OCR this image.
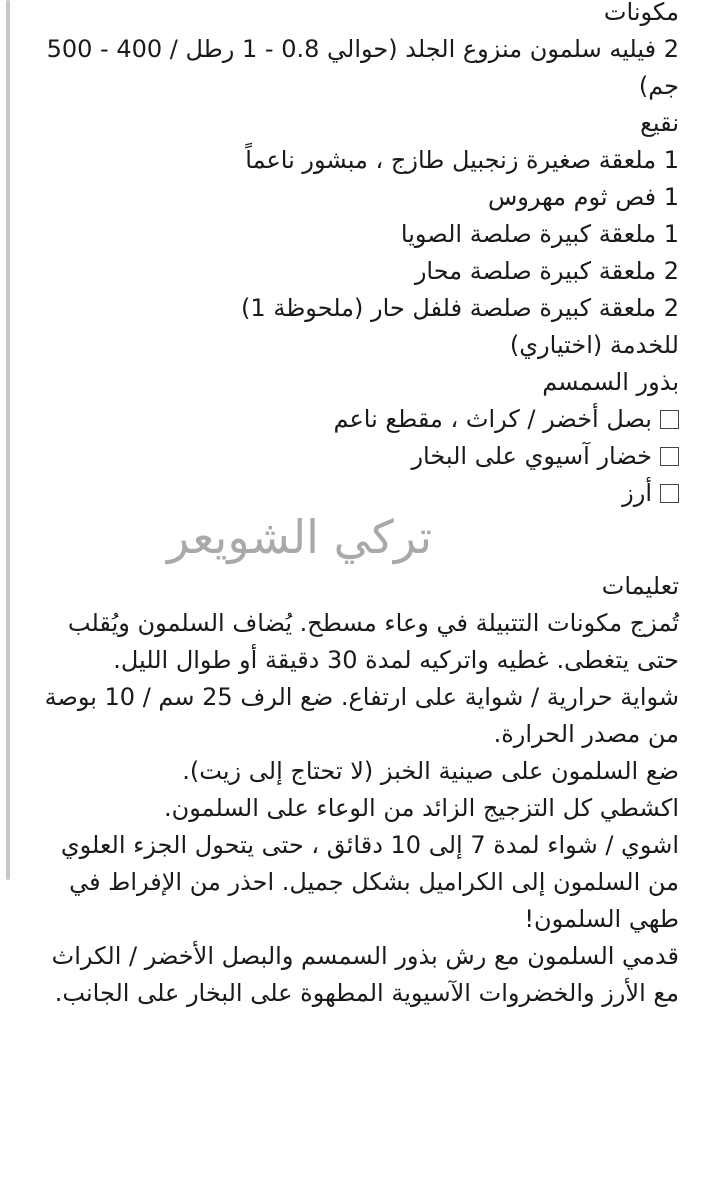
مكونات
2 فيليه سلمون منزوع الجلد (حوالي 0.8 - 1 رطل / 400 - 500 جم)
نقيع
1 ملعقة صغيرة زنجبيل طازج ، مبشور ناعماً
1 فص ثوم مهروس
1 ملعقة كبيرة صلصة الصويا
2 ملعقة كبيرة صلصة محار
2 ملعقة كبيرة صلصة فلفل حار (ملحوظة 1)
للخدمة (اختياري)
بذور السمسم
بصل أخضر / كراث ، مقطع ناعم
خضار آسيوي على البخار
أرز
تركي الشويعر
تعليمات
تُمزج مكونات التتبيلة في وعاء مسطح. يُضاف السلمون ويُقلب حتى يتغطى. غطيه واتركيه لمدة 30 دقيقة أو طوال الليل.
شواية حرارية / شواية على ارتفاع. ضع الرف 25 سم / 10 بوصة من مصدر الحرارة.
ضع السلمون على صينية الخبز (لا تحتاج إلى زيت).
اكشطي كل التزجيج الزائد من الوعاء على السلمون.
اشوي / شواء لمدة 7 إلى 10 دقائق ، حتى يتحول الجزء العلوي من السلمون إلى الكراميل بشكل جميل. احذر من الإفراط في طهي السلمون!
قدمي السلمون مع رش بذور السمسم والبصل الأخضر / الكراث مع الأرز والخضروات الآسيوية المطهوة على البخار على الجانب.
